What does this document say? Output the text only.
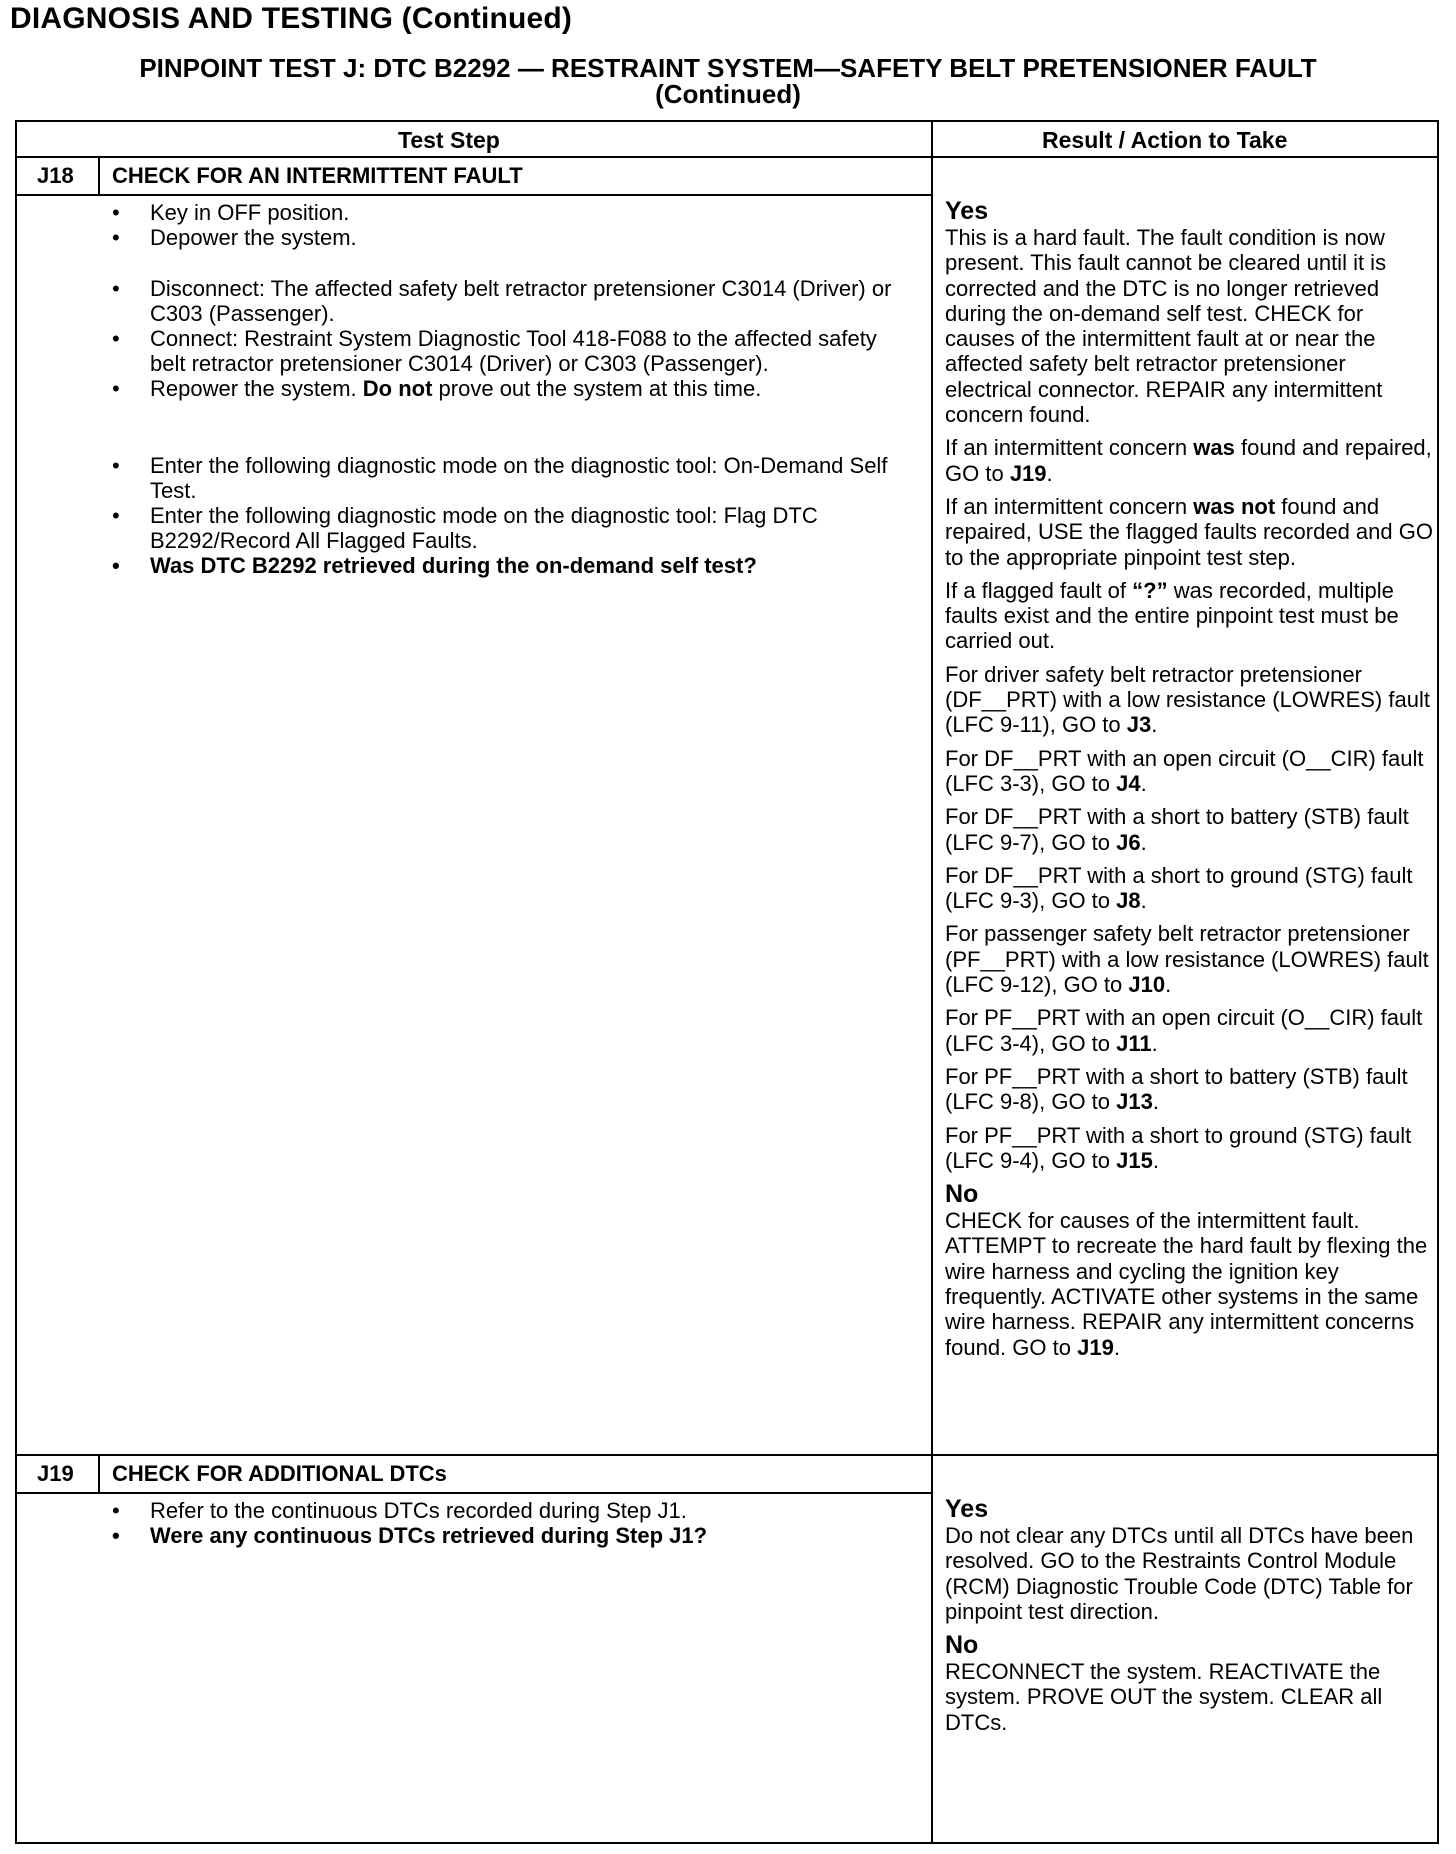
DIAGNOSIS AND TESTING (Continued)
PINPOINT TEST J: DTC B2292 — RESTRAINT SYSTEM—SAFETY BELT PRETENSIONER FAULT
(Continued)
Test Step	Result / Action to Take
J18 CHECK FOR AN INTERMITTENT FAULT
• Key in OFF position.
• Depower the system.
• Disconnect: The affected safety belt retractor pretensioner C3014 (Driver) or C303 (Passenger).
• Connect: Restraint System Diagnostic Tool 418-F088 to the affected safety belt retractor pretensioner C3014 (Driver) or C303 (Passenger).
• Repower the system. Do not prove out the system at this time.
• Enter the following diagnostic mode on the diagnostic tool: On-Demand Self Test.
• Enter the following diagnostic mode on the diagnostic tool: Flag DTC B2292/Record All Flagged Faults.
• Was DTC B2292 retrieved during the on-demand self test?
Yes
This is a hard fault. The fault condition is now present. This fault cannot be cleared until it is corrected and the DTC is no longer retrieved during the on-demand self test. CHECK for causes of the intermittent fault at or near the affected safety belt retractor pretensioner electrical connector. REPAIR any intermittent concern found.
If an intermittent concern was found and repaired, GO to J19.
If an intermittent concern was not found and repaired, USE the flagged faults recorded and GO to the appropriate pinpoint test step.
If a flagged fault of “?” was recorded, multiple faults exist and the entire pinpoint test must be carried out.
For driver safety belt retractor pretensioner (DF__PRT) with a low resistance (LOWRES) fault (LFC 9-11), GO to J3.
For DF__PRT with an open circuit (O__CIR) fault (LFC 3-3), GO to J4.
For DF__PRT with a short to battery (STB) fault (LFC 9-7), GO to J6.
For DF__PRT with a short to ground (STG) fault (LFC 9-3), GO to J8.
For passenger safety belt retractor pretensioner (PF__PRT) with a low resistance (LOWRES) fault (LFC 9-12), GO to J10.
For PF__PRT with an open circuit (O__CIR) fault (LFC 3-4), GO to J11.
For PF__PRT with a short to battery (STB) fault (LFC 9-8), GO to J13.
For PF__PRT with a short to ground (STG) fault (LFC 9-4), GO to J15.
No
CHECK for causes of the intermittent fault. ATTEMPT to recreate the hard fault by flexing the wire harness and cycling the ignition key frequently. ACTIVATE other systems in the same wire harness. REPAIR any intermittent concerns found. GO to J19.
J19 CHECK FOR ADDITIONAL DTCs
• Refer to the continuous DTCs recorded during Step J1.
• Were any continuous DTCs retrieved during Step J1?
Yes
Do not clear any DTCs until all DTCs have been resolved. GO to the Restraints Control Module (RCM) Diagnostic Trouble Code (DTC) Table for pinpoint test direction.
No
RECONNECT the system. REACTIVATE the system. PROVE OUT the system. CLEAR all DTCs.
